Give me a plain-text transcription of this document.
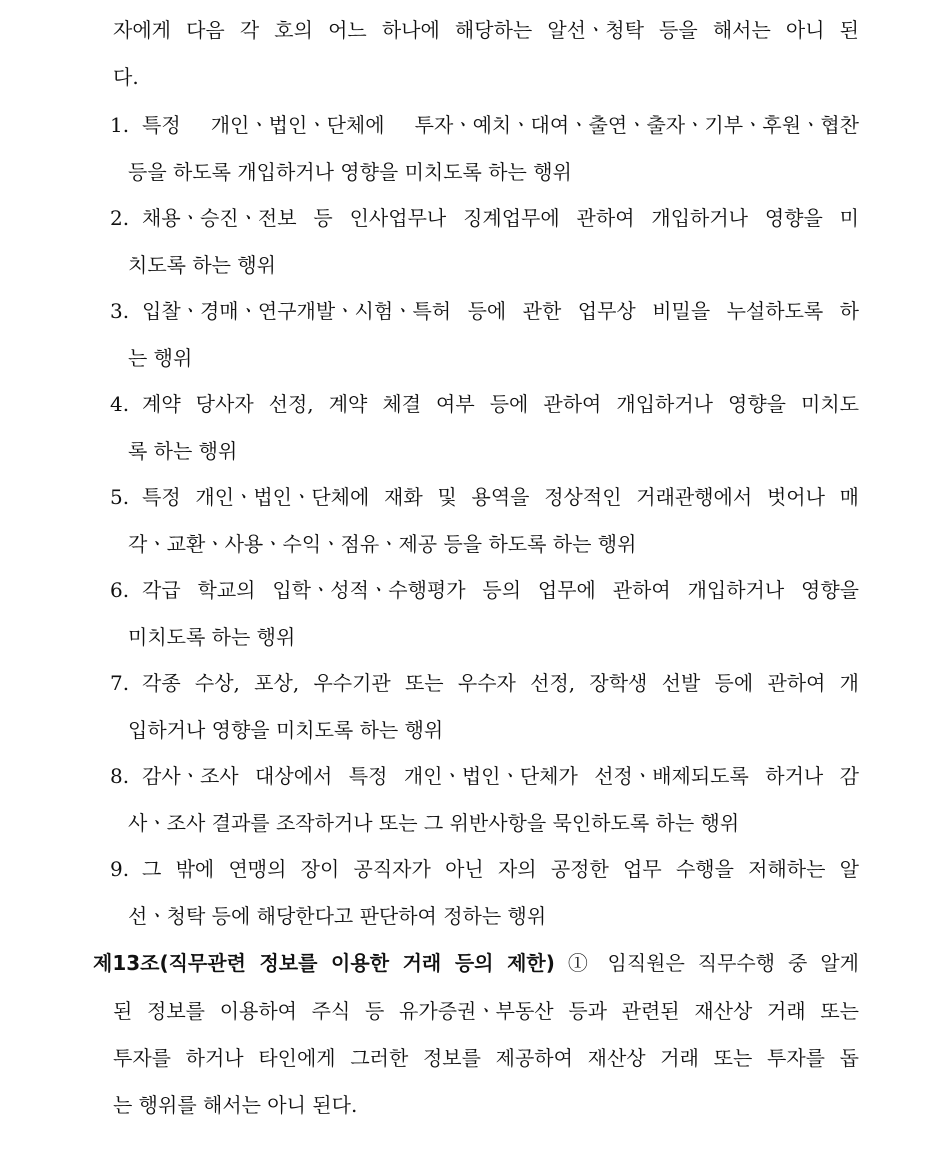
자에게 다음 각 호의 어느 하나에 해당하는 알선ㆍ청탁 등을 해서는 아니 된
다.
1. 특정 개인ㆍ법인ㆍ단체에 투자ㆍ예치ㆍ대여ㆍ출연ㆍ출자ㆍ기부ㆍ후원ㆍ협찬
등을 하도록 개입하거나 영향을 미치도록 하는 행위
2. 채용ㆍ승진ㆍ전보 등 인사업무나 징계업무에 관하여 개입하거나 영향을 미
치도록 하는 행위
3. 입찰ㆍ경매ㆍ연구개발ㆍ시험ㆍ특허 등에 관한 업무상 비밀을 누설하도록 하
는 행위
4. 계약 당사자 선정, 계약 체결 여부 등에 관하여 개입하거나 영향을 미치도
록 하는 행위
5. 특정 개인ㆍ법인ㆍ단체에 재화 및 용역을 정상적인 거래관행에서 벗어나 매
각ㆍ교환ㆍ사용ㆍ수익ㆍ점유ㆍ제공 등을 하도록 하는 행위
6. 각급 학교의 입학ㆍ성적ㆍ수행평가 등의 업무에 관하여 개입하거나 영향을
미치도록 하는 행위
7. 각종 수상, 포상, 우수기관 또는 우수자 선정, 장학생 선발 등에 관하여 개
입하거나 영향을 미치도록 하는 행위
8. 감사ㆍ조사 대상에서 특정 개인ㆍ법인ㆍ단체가 선정ㆍ배제되도록 하거나 감
사ㆍ조사 결과를 조작하거나 또는 그 위반사항을 묵인하도록 하는 행위
9. 그 밖에 연맹의 장이 공직자가 아닌 자의 공정한 업무 수행을 저해하는 알
선ㆍ청탁 등에 해당한다고 판단하여 정하는 행위
제13조(직무관련 정보를 이용한 거래 등의 제한) ① 임직원은 직무수행 중 알게
된 정보를 이용하여 주식 등 유가증권ㆍ부동산 등과 관련된 재산상 거래 또는
투자를 하거나 타인에게 그러한 정보를 제공하여 재산상 거래 또는 투자를 돕
는 행위를 해서는 아니 된다.
